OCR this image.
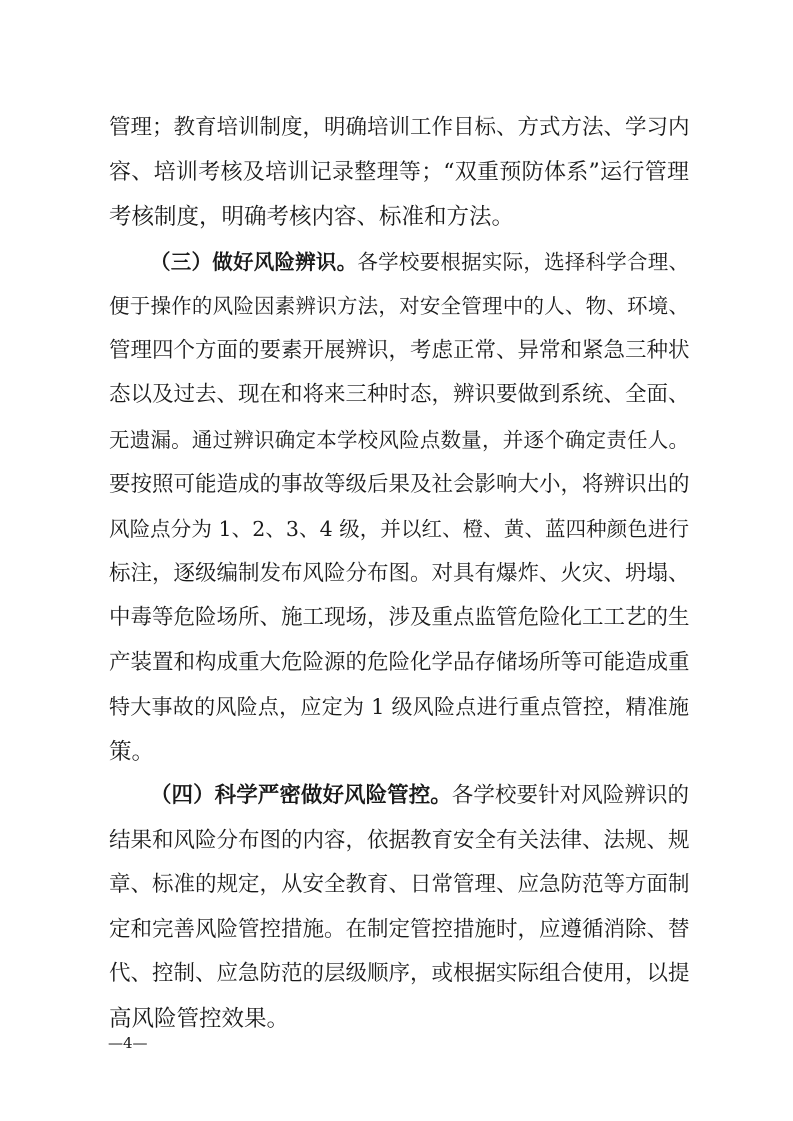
管理；教育培训制度，明确培训工作目标、方式方法、学习内
容、培训考核及培训记录整理等；“双重预防体系”运行管理
考核制度，明确考核内容、标准和方法。
（三）做好风险辨识。各学校要根据实际，选择科学合理、
便于操作的风险因素辨识方法，对安全管理中的人、物、环境、
管理四个方面的要素开展辨识，考虑正常、异常和紧急三种状
态以及过去、现在和将来三种时态，辨识要做到系统、全面、
无遗漏。通过辨识确定本学校风险点数量，并逐个确定责任人。
要按照可能造成的事故等级后果及社会影响大小，将辨识出的
风险点分为 1、2、3、4 级，并以红、橙、黄、蓝四种颜色进行
标注，逐级编制发布风险分布图。对具有爆炸、火灾、坍塌、
中毒等危险场所、施工现场，涉及重点监管危险化工工艺的生
产装置和构成重大危险源的危险化学品存储场所等可能造成重
特大事故的风险点，应定为 1 级风险点进行重点管控，精准施
策。
（四）科学严密做好风险管控。各学校要针对风险辨识的
结果和风险分布图的内容，依据教育安全有关法律、法规、规
章、标准的规定，从安全教育、日常管理、应急防范等方面制
定和完善风险管控措施。在制定管控措施时，应遵循消除、替
代、控制、应急防范的层级顺序，或根据实际组合使用，以提
高风险管控效果。
—4—
